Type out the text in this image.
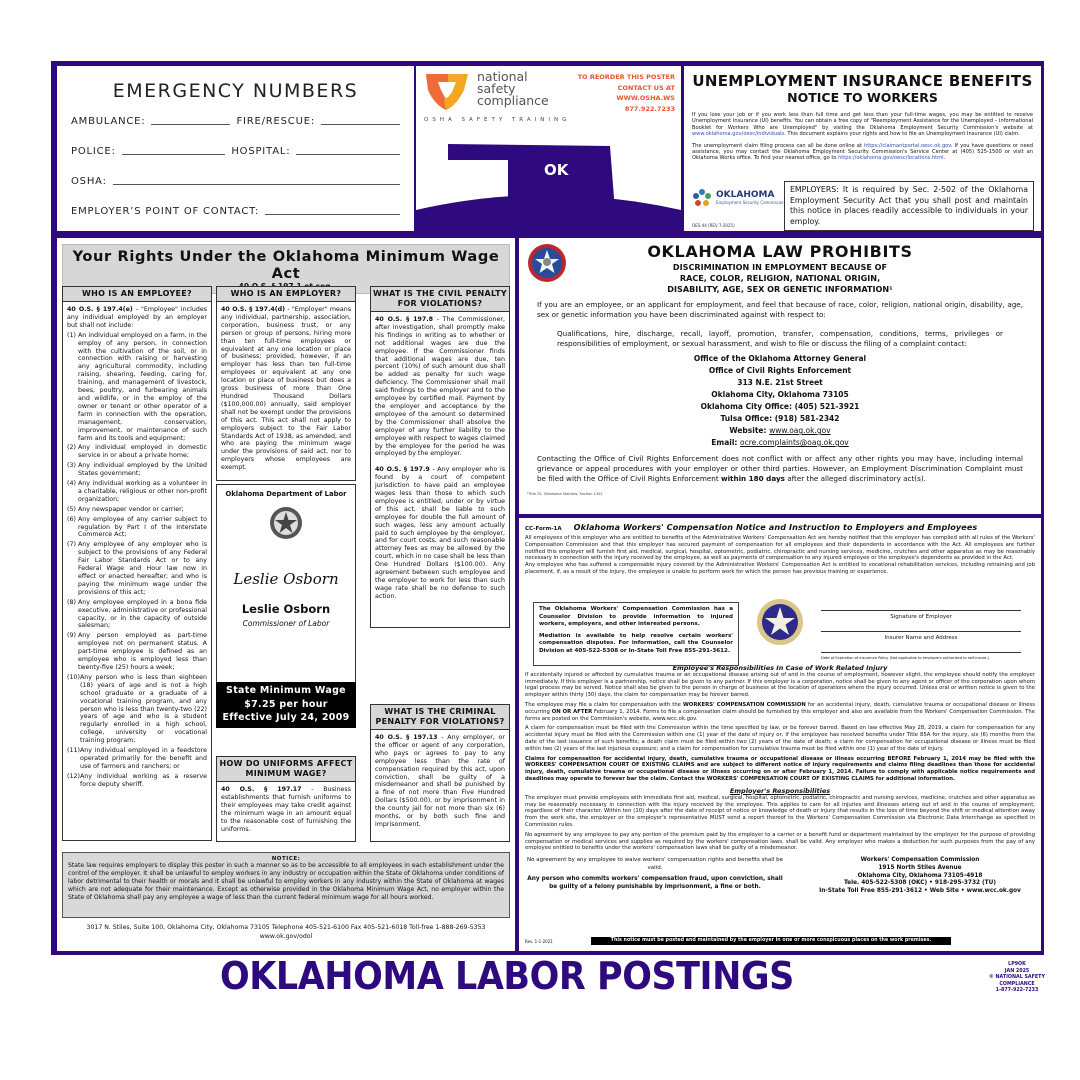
EMERGENCY NUMBERS
AMBULANCE:	FIRE/RESCUE:
POLICE:	HOSPITAL:
OSHA:
EMPLOYER’S POINT OF CONTACT:
national
safety
compliance
OSHA SAFETY TRAINING
TO REORDER THIS POSTER
CONTACT US AT
WWW.OSHA.WS
877.922.7233
OK
UNEMPLOYMENT INSURANCE BENEFITS
NOTICE TO WORKERS

If you lose your job or if you work less than full time and get less than your full-time wages, you may be entitled to receive Unemployment Insurance (UI) benefits. You can obtain a free copy of "Reemployment Assistance for the Unemployed – Informational Booklet for Workers Who are Unemployed" by visiting the Oklahoma Employment Security Commission's website at www.oklahoma.gov/oesc/individuals. This document explains your rights and how to file an Unemployment Insurance (UI) claim.

The unemployment claim filing process can all be done online at https://claimantportal.oesc.ok.gov. If you have questions or need assistance, you may contact the Oklahoma Employment Security Commission's Service Center at (405) 525-1500 or visit an Oklahoma Works office. To find your nearest office, go to https://oklahoma.gov/oesc/locations.html.

OKLAHOMA
Employment Security Commission
EMPLOYERS: It is required by Sec. 2-502 of the Oklahoma Employment Security Act that you shall post and maintain this notice in places readily accessible to individuals in your employ.
OES-44 (REV 7-2025)
Your Rights Under the Oklahoma Minimum Wage Act
WHO IS AN EMPLOYEE?

40 O.S. § 197.4(e) - "Employee" includes any individual employed by an employer but shall not include:

(1) An individual employed on a farm, in the employ of any person, in connection with the cultivation of the soil, or in connection with raising or harvesting any agricultural commodity, including raising, shearing, feeding, caring for, training, and management of livestock, bees, poultry, and furbearing animals and wildlife, or in the employ of the owner or tenant or other operator of a farm in connection with the operation, management, conservation, improvement, or maintenance of such farm and its tools and equipment;
(2) Any individual employed in domestic service in or about a private home;
(3) Any individual employed by the United States government;
(4) Any individual working as a volunteer in a charitable, religious or other non-profit organization;
(5) Any newspaper vendor or carrier;
(6) Any employee of any carrier subject to regulation by Part I of the Interstate Commerce Act;
(7) Any employee of any employer who is subject to the provisions of any Federal Fair Labor Standards Act or to any Federal Wage and Hour law now in effect or enacted hereafter; and who is paying the minimum wage under the provisions of this act;
(8) Any employee employed in a bona fide executive, administrative or professional capacity, or in the capacity of outside salesman;
(9) Any person employed as part-time employee not on permanent status. A part-time employee is defined as an employee who is employed less than twenty-five (25) hours a week;
(10) Any person who is less than eighteen (18) years of age and is not a high school graduate or a graduate of a vocational training program, and any person who is less than twenty-two (22) years of age and who is a student regularly enrolled in a high school, college, university or vocational training program;
(11) Any individual employed in a feedstore operated primarily for the benefit and use of farmers and ranchers; or
(12) Any individual working as a reserve force deputy sheriff.
WHO IS AN EMPLOYER?
40 O.S. § 197.4(d) - "Employer" means any individual, partnership, association, corporation, business trust, or any person or group of persons, hiring more than ten full-time employees or equivalent at any one location or place of business; provided, however, if an employer has less than ten full-time employees or equivalent at any one location or place of business but does a gross business of more than One Hundred Thousand Dollars ($100,000.00) annually, said employer shall not be exempt under the provisions of this act. This act shall not apply to employers subject to the Fair Labor Standards Act of 1938, as amended, and who are paying the minimum wage under the provisions of said act, nor to employers whose employees are exempt.
Oklahoma Department of Labor
Leslie Osborn
Leslie Osborn
Commissioner of Labor
State Minimum Wage
$7.25 per hour
Effective July 24, 2009
HOW DO UNIFORMS AFFECT MINIMUM WAGE?
40 O.S. § 197.17 - Business establishments that furnish uniforms to their employees may take credit against the minimum wage in an amount equal to the reasonable cost of furnishing the uniforms.
WHAT IS THE CIVIL PENALTY FOR VIOLATIONS?

40 O.S. § 197.8 - The Commissioner, after investigation, shall promptly make his findings in writing as to whether or not additional wages are due the employee. If the Commissioner finds that additional wages are due, ten percent (10%) of such amount due shall be added as penalty for such wage deficiency. The Commissioner shall mail said findings to the employer and to the employee by certified mail. Payment by the employer and acceptance by the employee of the amount so determined by the Commissioner shall absolve the employer of any further liability to the employee with respect to wages claimed by the employee for the period he was employed by the employer.

40 O.S. § 197.9 - Any employer who is found by a court of competent jurisdiction to have paid an employee wages less than those to which such employee is entitled, under or by virtue of this act, shall be liable to such employee for double the full amount of such wages, less any amount actually paid to such employee by the employer, and for court costs, and such reasonable attorney fees as may be allowed by the court, which in no case shall be less than One Hundred Dollars ($100.00). Any agreement between such employee and the employer to work for less than such wage rate shall be no defense to such action.

WHAT IS THE CRIMINAL PENALTY FOR VIOLATIONS?
40 O.S. § 197.13 - Any employer, or the officer or agent of any corporation, who pays or agrees to pay to any employee less than the rate of compensation required by this act, upon conviction, shall be guilty of a misdemeanor and shall be punished by a fine of not more than Five Hundred Dollars ($500.00), or by imprisonment in the county jail for not more than six (6) months, or by both such fine and imprisonment.
NOTICE:
State law requires employers to display this poster in such a manner so as to be accessible to all employees in each establishment under the control of the employer. It shall be unlawful to employ workers in any industry or occupation within the State of Oklahoma under conditions of labor detrimental to their health or morals and it shall be unlawful to employ workers in any industry within the State of Oklahoma at wages which are not adequate for their maintenance. Except as otherwise provided in the Oklahoma Minimum Wage Act, no employer within the State of Oklahoma shall pay any employee a wage of less than the current federal minimum wage for all hours worked.
3017 N. Stiles, Suite 100, Oklahoma City, Oklahoma 73105 Telephone 405-521-6100 Fax 405-521-6018 Toll-free 1-888-269-5353
www.ok.gov/odol
OKLAHOMA LAW PROHIBITS
DISCRIMINATION IN EMPLOYMENT BECAUSE OF
RACE, COLOR, RELIGION, NATIONAL ORIGIN,
DISABILITY, AGE, SEX OR GENETIC INFORMATION¹
If you are an employee, or an applicant for employment, and feel that because of race, color, religion, national origin, disability, age, sex or genetic information you have been discriminated against with respect to:
Qualifications, hire, discharge, recall, layoff, promotion, transfer, compensation, conditions, terms, privileges or responsibilities of employment, or sexual harassment, and wish to file or discuss the filing of a complaint contact:
Office of the Oklahoma Attorney General
Office of Civil Rights Enforcement
313 N.E. 21st Street
Oklahoma City, Oklahoma 73105
Oklahoma City Office: (405) 521-3921
Tulsa Office: (918) 581-2342
Website: www.oag.ok.gov
Email: ocre.complaints@oag.ok.gov
Contacting the Office of Civil Rights Enforcement does not conflict with or affect any other rights you may have, including internal grievance or appeal procedures with your employer or other third parties. However, an Employment Discrimination Complaint must be filed with the Office of Civil Rights Enforcement within 180 days after the alleged discriminatory act(s).
¹Title 25, Oklahoma Statutes, Section 1302
CC-Form-1A Oklahoma Workers' Compensation Notice and Instruction to Employers and Employees

All employees of this employer who are entitled to benefits of the Administrative Workers' Compensation Act are hereby notified that this employer has complied with all rules of the Workers' Compensation Commission and that this employer has secured payment of compensation for all employees and their dependents in accordance with the Act. All employees are further notified this employer will furnish first aid, medical, surgical, hospital, optometric, podiatric, chiropractic and nursing services, medicine, crutches and other apparatus as may be reasonably necessary in connection with the injury received by the employee, as well as payments of compensation to any injured employee or the employee's dependents as provided in the Act.

Any employee who has suffered a compensable injury covered by the Administrative Workers' Compensation Act is entitled to vocational rehabilitation services, including retraining and job placement, if, as a result of the injury, the employee is unable to perform work for which the person has previous training or experience.

The Oklahoma Workers' Compensation Commission has a Counselor Division to provide information to injured workers, employers, and other interested persons.
Mediation is available to help resolve certain workers' compensation disputes. For information, call the Counselor Division at 405-522-5308 or In-State Toll Free 855-291-3612.
Signature of Employer
Insurer Name and Address
Date of Expiration of Insurance Policy (Not applicable to employers authorized to self-insure.)
Employee's Responsibilities In Case of Work Related Injury

If accidentally injured or affected by cumulative trauma or an occupational disease arising out of and in the course of employment, however slight, the employee should notify the employer immediately. If this employer is a partnership, notice shall be given to any partner. If this employer is a corporation, notice shall be given to any agent or officer of the corporation upon whom legal process may be served. Notice shall also be given to the person in charge of business at the location of operations where the injury occurred. Unless oral or written notice is given to the employer within thirty (30) days, the claim for compensation may be forever barred.

The employee may file a claim for compensation with the WORKERS' COMPENSATION COMMISSION for an accidental injury, death, cumulative trauma or occupational disease or illness occurring ON OR AFTER February 1, 2014. Forms to file a compensation claim should be furnished by this employer and also are available from the Workers' Compensation Commission. The forms are posted on the Commission's website, www.wcc.ok.gov.

A claim for compensation must be filed with the Commission within the time specified by law, or be forever barred. Based on law effective May 28, 2019, a claim for compensation for any accidental injury must be filed with the Commission within one (1) year of the date of injury or, if the employee has received benefits under Title 85A for the injury, six (6) months from the date of the last issuance of such benefits; a death claim must be filed within two (2) years of the date of death; a claim for compensation for occupational disease or illness must be filed within two (2) years of the last injurious exposure; and a claim for compensation for cumulative trauma must be filed within one (1) year of the date of injury.

Claims for compensation for accidental injury, death, cumulative trauma or occupational disease or illness occurring BEFORE February 1, 2014 may be filed with the WORKERS' COMPENSATION COURT OF EXISTING CLAIMS and are subject to different notice of injury requirements and claims filing deadlines than those for accidental injury, death, cumulative trauma or occupational disease or illness occurring on or after February 1, 2014. Failure to comply with applicable notice requirements and deadlines may operate to forever bar the claim. Contact the WORKERS' COMPENSATION COURT OF EXISTING CLAIMS for additional information.

Employer's Responsibilities

The employer must provide employees with immediate first aid, medical, surgical, hospital, optometric, podiatric, chiropractic and nursing services, medicine, crutches and other apparatus as may be reasonably necessary in connection with the injury received by the employee. This applies to care for all injuries and illnesses arising out of and in the course of employment, regardless of their character. Within ten (10) days after the date of receipt of notice or knowledge of death or injury that results in the loss of time beyond the shift or medical attention away from the work site, the employer or the employer's representative MUST send a report thereof to the Workers' Compensation Commission via Electronic Data Interchange as specified in Commission rules.

No agreement by any employee to pay any portion of the premium paid by the employer to a carrier or a benefit fund or department maintained by the employer for the purpose of providing compensation or medical services and supplies as required by the workers' compensation laws, shall be valid. Any employer who makes a deduction for such purposes from the pay of any employee entitled to benefits under the workers' compensation laws shall be guilty of a misdemeanor.

No agreement by any employee to waive workers' compensation rights and benefits shall be valid.
Any person who commits workers' compensation fraud, upon conviction, shall be guilty of a felony punishable by imprisonment, a fine or both.
Workers' Compensation Commission
1915 North Stiles Avenue
Oklahoma City, Oklahoma 73105-4918
Tele. 405-522-5308 (OKC) • 918-295-3732 (TU)
In-State Toll Free 855-291-3612 • Web Site • www.wcc.ok.gov
Rev. 1-1-2021	This notice must be posted and maintained by the employer in one or more conspicuous places on the work premises.
OKLAHOMA LABOR POSTINGS	LP9OK
JAN 2025
© NATIONAL SAFETY
COMPLIANCE
1-877-922-7233
